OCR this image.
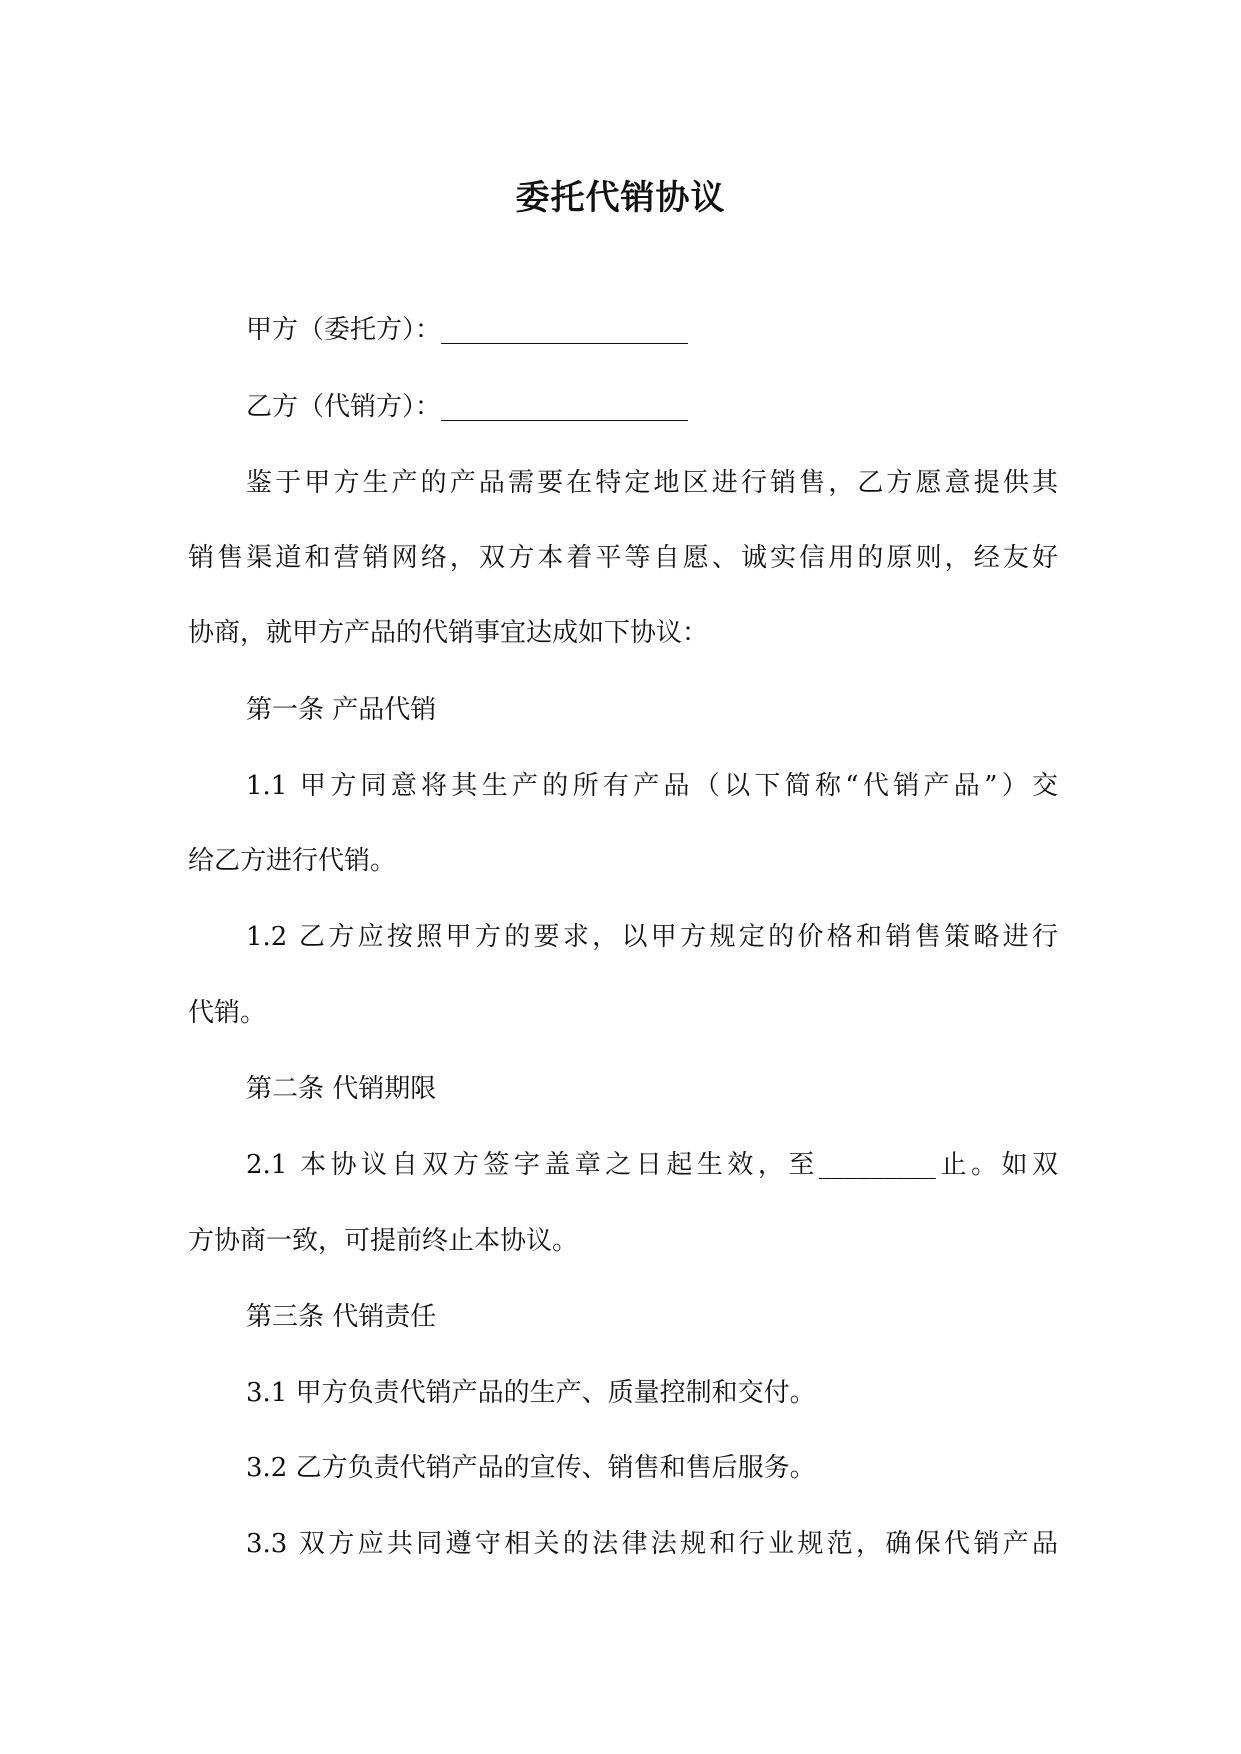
委托代销协议

甲方（委托方）：___________________

乙方（代销方）：___________________

鉴于甲方生产的产品需要在特定地区进行销售，乙方愿意提供其

销售渠道和营销网络，双方本着平等自愿、诚实信用的原则，经友好

协商，就甲方产品的代销事宜达成如下协议：

第一条 产品代销

1.1 甲方同意将其生产的所有产品（以下简称“代销产品”）交

给乙方进行代销。

1.2 乙方应按照甲方的要求，以甲方规定的价格和销售策略进行

代销。

第二条 代销期限

2.1 本协议自双方签字盖章之日起生效，至_________止。如双

方协商一致，可提前终止本协议。

第三条 代销责任

3.1 甲方负责代销产品的生产、质量控制和交付。

3.2 乙方负责代销产品的宣传、销售和售后服务。

3.3 双方应共同遵守相关的法律法规和行业规范，确保代销产品
